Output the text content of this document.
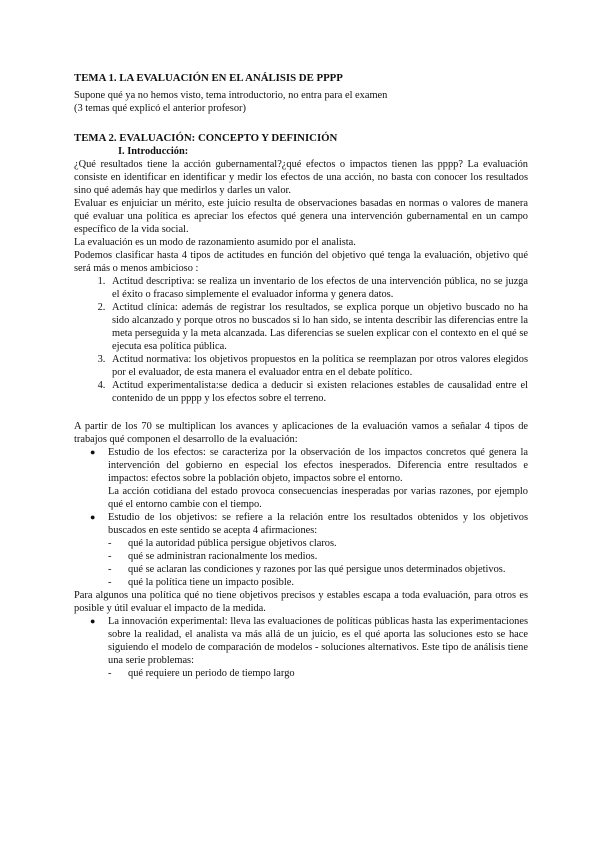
TEMA 1. LA EVALUACIÓN EN EL ANÁLISIS DE PPPP

Supone qué ya no hemos visto, tema introductorio, no entra para el examen

(3 temas qué explicó el anterior profesor)

TEMA 2. EVALUACIÓN: CONCEPTO Y DEFINICIÓN

I. Introducción:

¿Qué resultados tiene la acción gubernamental?¿qué efectos o impactos tienen las pppp? La evaluación consiste en identificar en identificar y medir los efectos de una acción, no basta con conocer los resultados sino qué además hay que medirlos y darles un valor.

Evaluar es enjuiciar un mérito, este juicio resulta de observaciones basadas en normas o valores de manera qué evaluar una política es apreciar los efectos qué genera una intervención gubernamental en un campo específico de la vida social.

La evaluación es un modo de razonamiento asumido por el analista.

Podemos clasificar hasta 4 tipos de actitudes en función del objetivo qué tenga la evaluación, objetivo qué será más o menos ambicioso :

1. Actitud descriptiva: se realiza un inventario de los efectos de una intervención pública, no se juzga el éxito o fracaso simplemente el evaluador informa y genera datos.
2. Actitud clínica: además de registrar los resultados, se explica porque un objetivo buscado no ha sido alcanzado y porque otros no buscados si lo han sido, se intenta describir las diferencias entre la meta perseguida y la meta alcanzada. Las diferencias se suelen explicar con el contexto en el qué se ejecuta esa política pública.
3. Actitud normativa: los objetivos propuestos en la política se reemplazan por otros valores elegidos por el evaluador, de esta manera el evaluador entra en el debate político.
4. Actitud experimentalista:se dedica a deducir si existen relaciones estables de causalidad entre el contenido de un pppp y los efectos sobre el terreno.

A partir de los 70 se multiplican los avances y aplicaciones de la evaluación vamos a señalar 4 tipos de trabajos qué componen el desarrollo de la evaluación:

● Estudio de los efectos: se caracteriza por la observación de los impactos concretos qué genera la intervención del gobierno en especial los efectos inesperados. Diferencia entre resultados e impactos: efectos sobre la población objeto, impactos sobre el entorno.
La acción cotidiana del estado provoca consecuencias inesperadas por varias razones, por ejemplo qué el entorno cambie con el tiempo.
● Estudio de los objetivos: se refiere a la relación entre los resultados obtenidos y los objetivos buscados en este sentido se acepta 4 afirmaciones:
- qué la autoridad pública persigue objetivos claros.
- qué se administran racionalmente los medios.
- qué se aclaran las condiciones y razones por las qué persigue unos determinados objetivos.
- qué la política tiene un impacto posible.

Para algunos una política qué no tiene objetivos precisos y estables escapa a toda evaluación, para otros es posible y útil evaluar el impacto de la medida.

● La innovación experimental: lleva las evaluaciones de políticas públicas hasta las experimentaciones sobre la realidad, el analista va más allá de un juicio, es el qué aporta las soluciones esto se hace siguiendo el modelo de comparación de modelos - soluciones alternativos. Este tipo de análisis tiene una serie problemas:
- qué requiere un periodo de tiempo largo
